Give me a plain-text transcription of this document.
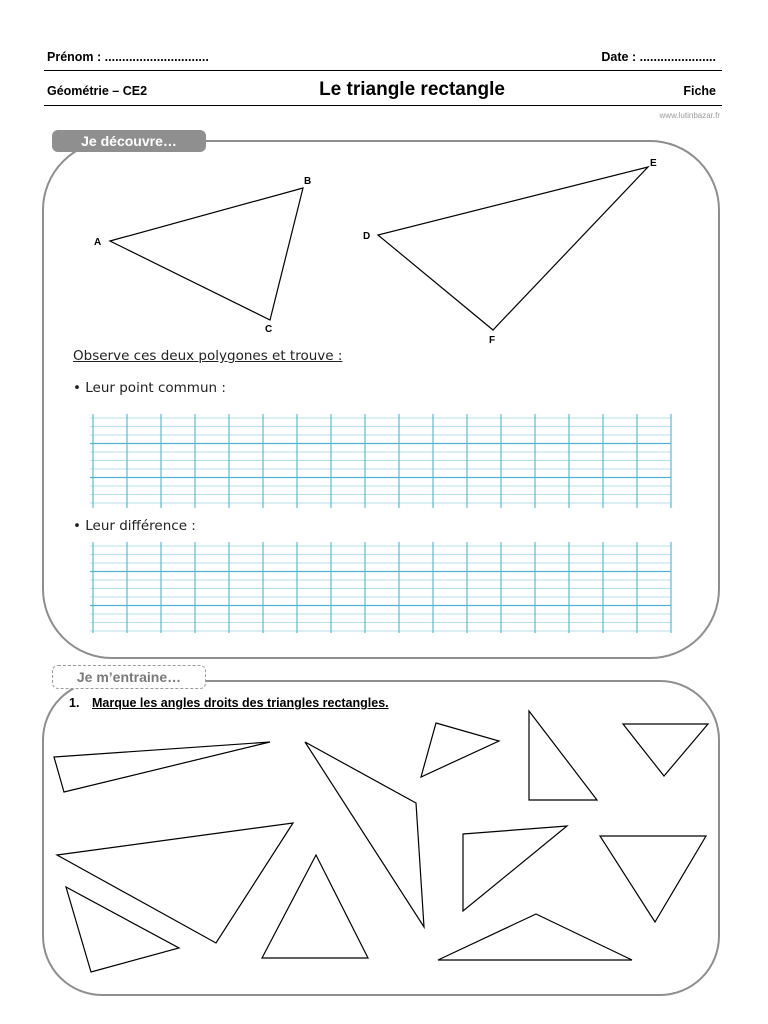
Prénom : ..............................	Date : ......................
Géométrie – CE2	Le triangle rectangle	Fiche
www.lutinbazar.fr
Je découvre…
A
B
C
D
E
F
Observe ces deux polygones et trouve :
• Leur point commun :
• Leur différence :
Je m’entraine…
1. Marque les angles droits des triangles rectangles.
